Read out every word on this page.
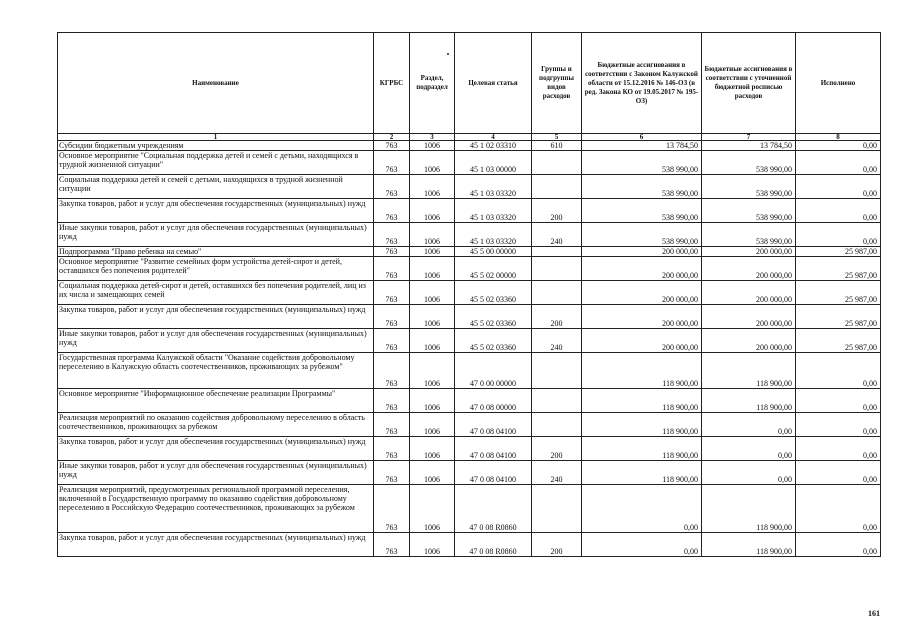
Наименование	КГРБС	Раздел, подраздел	Целевая статья	Группы и подгруппы видов расходов	Бюджетные ассигнования в соответствии с Законом Калужской области от 15.12.2016 № 146-ОЗ (в ред. Закона КО от 19.05.2017 № 195-ОЗ)	Бюджетные ассигнования в соответствии с уточненной бюджетной росписью расходов	Исполнено
1	2	3	4	5	6	7	8
Субсидии бюджетным учреждениям	763	1006	45 1 02 03310	610	13 784,50	13 784,50	0,00
Основное мероприятие "Социальная поддержка детей и семей с детьми, находящихся в трудной жизненной ситуации"	763	1006	45 1 03 00000		538 990,00	538 990,00	0,00
Социальная поддержка детей и семей с детьми, находящихся в трудной жизненной ситуации	763	1006	45 1 03 03320		538 990,00	538 990,00	0,00
Закупка товаров, работ и услуг для обеспечения государственных (муниципальных) нужд	763	1006	45 1 03 03320	200	538 990,00	538 990,00	0,00
Иные закупки товаров, работ и услуг для обеспечения государственных (муниципальных) нужд	763	1006	45 1 03 03320	240	538 990,00	538 990,00	0,00
Подпрограмма "Право ребенка на семью"	763	1006	45 5 00 00000		200 000,00	200 000,00	25 987,00
Основное мероприятие "Развитие семейных форм устройства детей-сирот и детей, оставшихся без попечения родителей"	763	1006	45 5 02 00000		200 000,00	200 000,00	25 987,00
Социальная поддержка детей-сирот и детей, оставшихся без попечения родителей, лиц из их числа и замещающих семей	763	1006	45 5 02 03360		200 000,00	200 000,00	25 987,00
Закупка товаров, работ и услуг для обеспечения государственных (муниципальных) нужд	763	1006	45 5 02 03360	200	200 000,00	200 000,00	25 987,00
Иные закупки товаров, работ и услуг для обеспечения государственных (муниципальных) нужд	763	1006	45 5 02 03360	240	200 000,00	200 000,00	25 987,00
Государственная программа Калужской области "Оказание содействия добровольному переселению в Калужскую область соотечественников, проживающих за рубежом"	763	1006	47 0 00 00000		118 900,00	118 900,00	0,00
Основное мероприятие "Информационное обеспечение реализации Программы"	763	1006	47 0 08 00000		118 900,00	118 900,00	0,00
Реализация мероприятий по оказанию содействия добровольному переселению в область соотечественников, проживающих за рубежом	763	1006	47 0 08 04100		118 900,00	0,00	0,00
Закупка товаров, работ и услуг для обеспечения государственных (муниципальных) нужд	763	1006	47 0 08 04100	200	118 900,00	0,00	0,00
Иные закупки товаров, работ и услуг для обеспечения государственных (муниципальных) нужд	763	1006	47 0 08 04100	240	118 900,00	0,00	0,00
Реализация мероприятий, предусмотренных региональной программой переселения, включенной в Государственную программу по оказанию содействия добровольному переселению в Российскую Федерацию соотечественников, проживающих за рубежом	763	1006	47 0 08 R0860		0,00	118 900,00	0,00
Закупка товаров, работ и услуг для обеспечения государственных (муниципальных) нужд	763	1006	47 0 08 R0860	200	0,00	118 900,00	0,00
161
